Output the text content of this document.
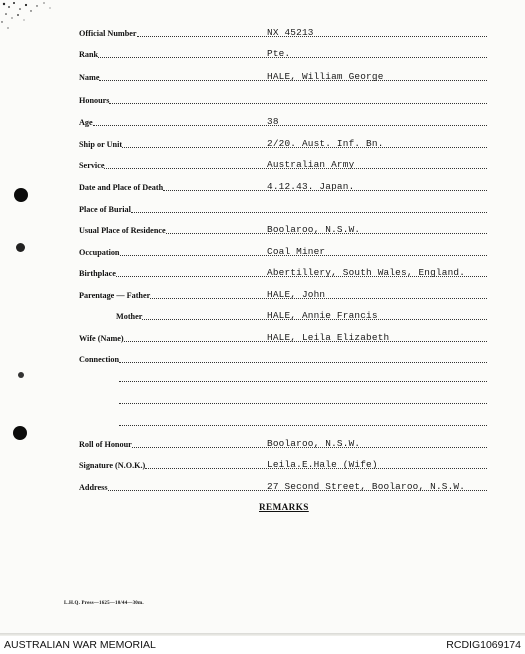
Official Number	NX 45213
Rank	Pte.
Name	HALE, William George
Honours
Age	38
Ship or Unit	2/20. Aust. Inf. Bn.
Service	Australian Army
Date and Place of Death	4.12.43. Japan.
Place of Burial
Usual Place of Residence	Boolaroo, N.S.W.
Occupation	Coal Miner
Birthplace	Abertillery, South Wales, England.
Parentage — Father	HALE, John
Mother	HALE, Annie Francis
Wife (Name)	HALE, Leila Elizabeth
Connection
Roll of Honour	Boolaroo, N.S.W.
Signature (N.O.K.)	Leila.E.Hale (Wife)
Address	27 Second Street, Boolaroo, N.S.W.
REMARKS
L.H.Q. Press—1625—10/44—30m.
AUSTRALIAN WAR MEMORIAL	RCDIG1069174
